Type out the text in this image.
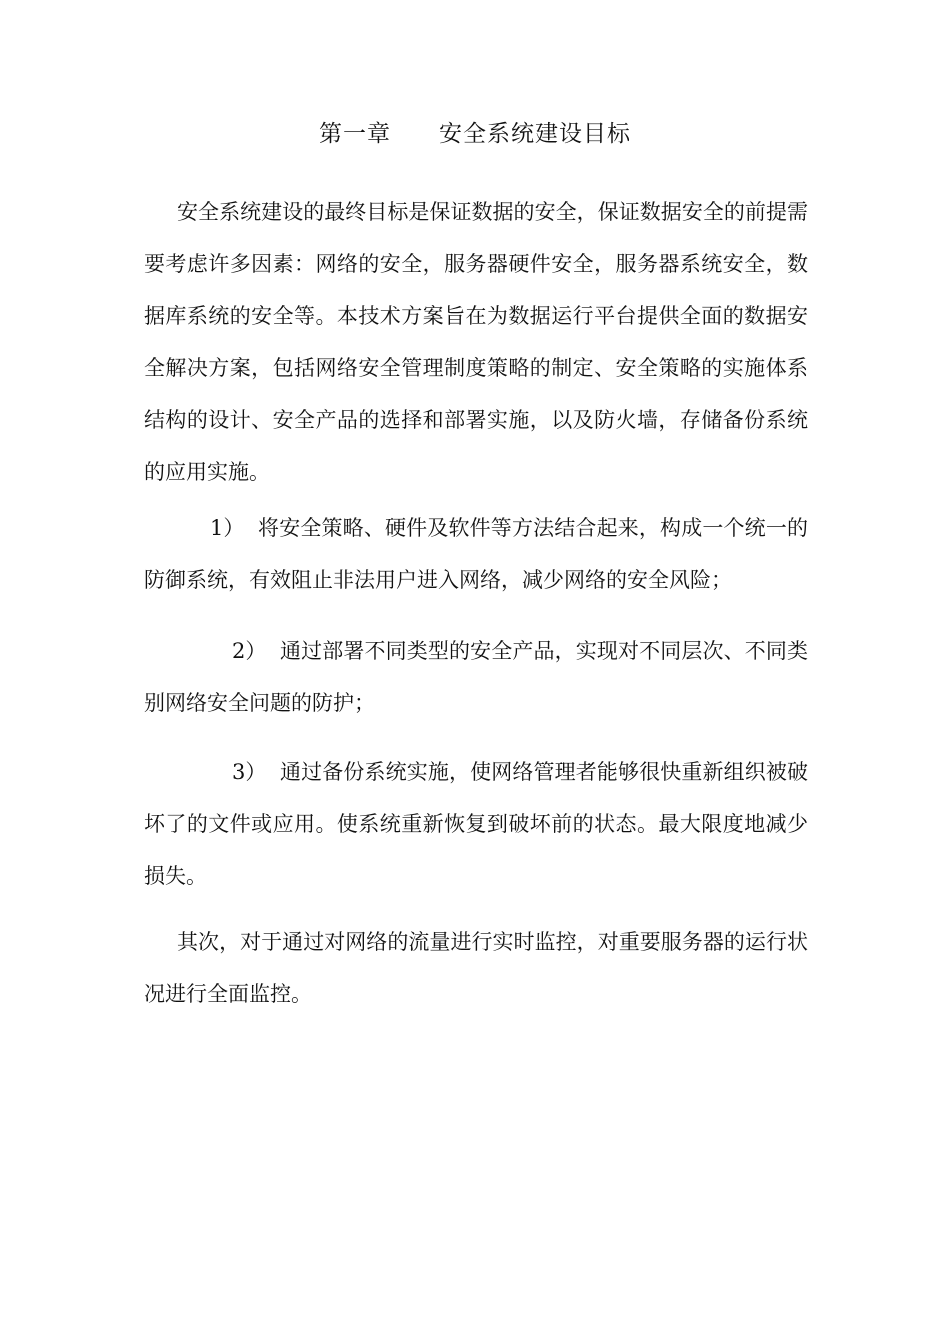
第一章　　安全系统建设目标

安全系统建设的最终目标是保证数据的安全，保证数据安全的前提需要考虑许多因素：网络的安全，服务器硬件安全，服务器系统安全，数据库系统的安全等。本技术方案旨在为数据运行平台提供全面的数据安全解决方案，包括网络安全管理制度策略的制定、安全策略的实施体系结构的设计、安全产品的选择和部署实施，以及防火墙，存储备份系统的应用实施。

1） 将安全策略、硬件及软件等方法结合起来，构成一个统一的防御系统，有效阻止非法用户进入网络，减少网络的安全风险；

2） 通过部署不同类型的安全产品，实现对不同层次、不同类别网络安全问题的防护；

3） 通过备份系统实施，使网络管理者能够很快重新组织被破坏了的文件或应用。使系统重新恢复到破坏前的状态。最大限度地减少损失。

其次，对于通过对网络的流量进行实时监控，对重要服务器的运行状况进行全面监控。
